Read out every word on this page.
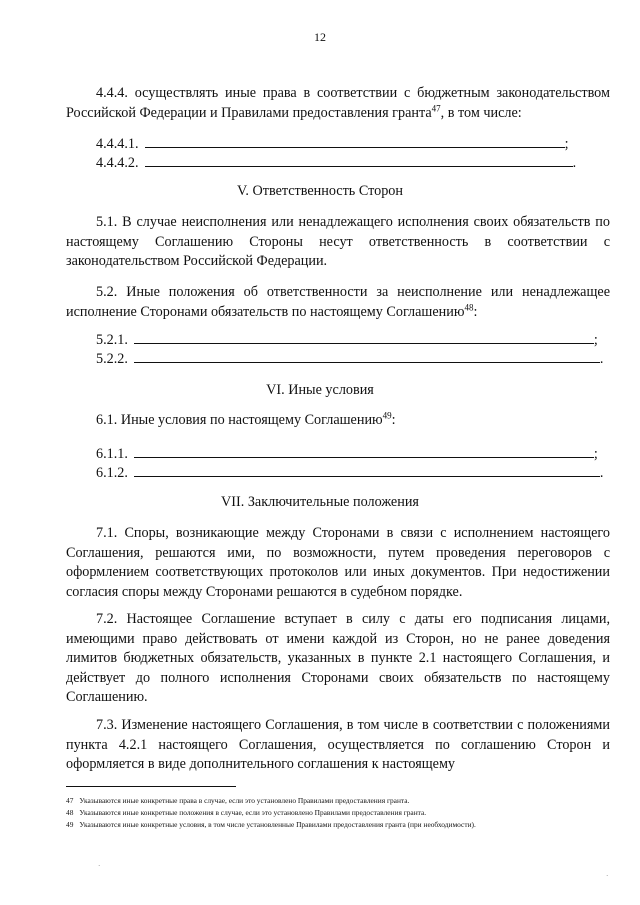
12

4.4.4. осуществлять иные права в соответствии с бюджетным законодательством Российской Федерации и Правилами предоставления гранта$^{47}$, в том числе:

4.4.4.1.	;
4.4.4.2.	.
V. Ответственность Сторон

5.1. В случае неисполнения или ненадлежащего исполнения своих обязательств по настоящему Соглашению Стороны несут ответственность в соответствии с законодательством Российской Федерации.

5.2. Иные положения об ответственности за неисполнение или ненадлежащее исполнение Сторонами обязательств по настоящему Соглашению$^{48}$:

5.2.1.	;
5.2.2.	.
VI. Иные условия

6.1. Иные условия по настоящему Соглашению$^{49}$:

6.1.1.	;
6.1.2.	.
VII. Заключительные положения

7.1. Споры, возникающие между Сторонами в связи с исполнением настоящего Соглашения, решаются ими, по возможности, путем проведения переговоров с оформлением соответствующих протоколов или иных документов. При недостижении согласия споры между Сторонами решаются в судебном порядке.

7.2. Настоящее Соглашение вступает в силу с даты его подписания лицами, имеющими право действовать от имени каждой из Сторон, но не ранее доведения лимитов бюджетных обязательств, указанных в пункте 2.1 настоящего Соглашения, и действует до полного исполнения Сторонами своих обязательств по настоящему Соглашению.

7.3. Изменение настоящего Соглашения, в том числе в соответствии с положениями пункта 4.2.1 настоящего Соглашения, осуществляется по соглашению Сторон и оформляется в виде дополнительного соглашения к настоящему

47 Указываются иные конкретные права в случае, если это установлено Правилами предоставления гранта.
48 Указываются иные конкретные положения в случае, если это установлено Правилами предоставления гранта.
49 Указываются иные конкретные условия, в том числе установленные Правилами предоставления гранта (при необходимости).
·
·
